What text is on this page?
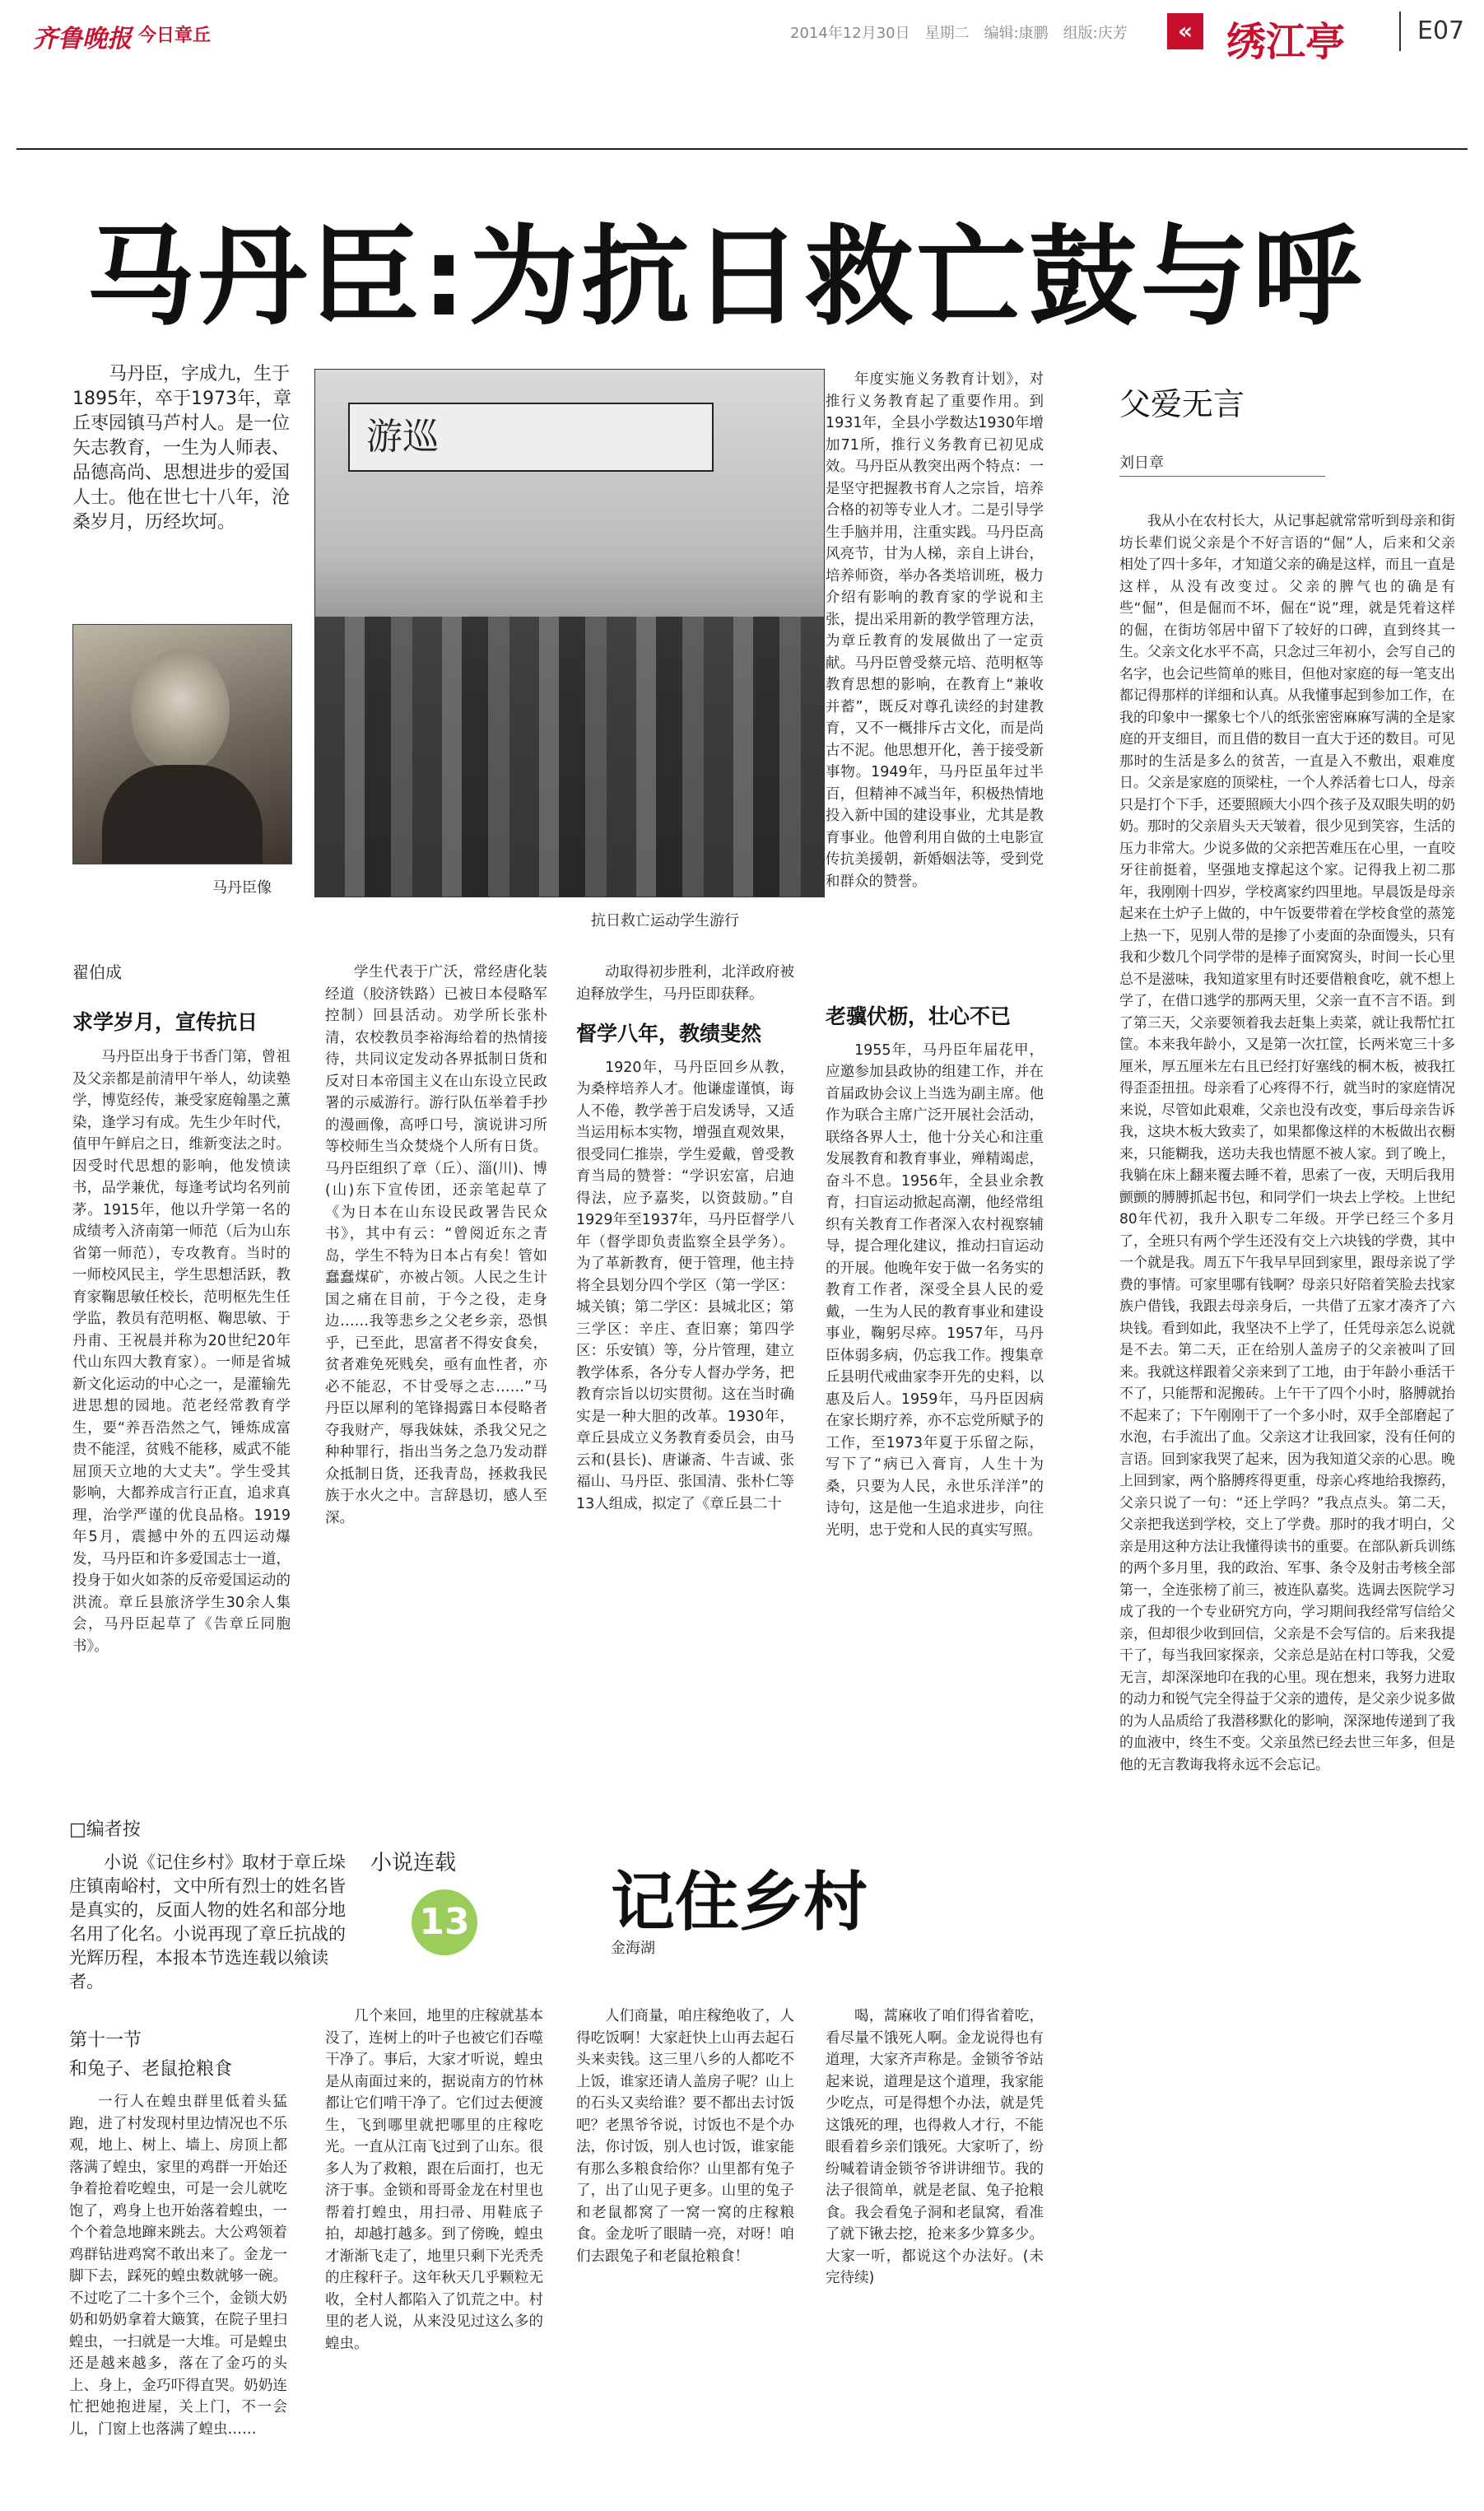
齐鲁晚报 今日章丘	2014年12月30日　星期二　编辑:康鹏　组版:庆芳	« 绣江亭	E07
马丹臣:为抗日救亡鼓与呼

马丹臣，字成九，生于1895年，卒于1973年，章丘枣园镇马芦村人。是一位矢志教育，一生为人师表、品德高尚、思想进步的爱国人士。他在世七十八年，沧桑岁月，历经坎坷。

马丹臣像
游巡
抗日救亡运动学生游行
翟伯成
求学岁月，宣传抗日

马丹臣出身于书香门第，曾祖及父亲都是前清甲午举人，幼读塾学，博览经传，兼受家庭翰墨之薰染，逢学习有成。先生少年时代，值甲午鲜启之日，维新变法之时。因受时代思想的影响，他发愤读书，品学兼优，每逢考试均名列前茅。1915年，他以升学第一名的成绩考入济南第一师范（后为山东省第一师范），专攻教育。当时的一师校风民主，学生思想活跃，教育家鞠思敏任校长，范明枢先生任学监，教员有范明枢、鞠思敏、于丹甫、王祝晨并称为20世纪20年代山东四大教育家）。一师是省城新文化运动的中心之一，是灌输先进思想的园地。范老经常教育学生，要“养吾浩然之气，锤炼成富贵不能淫，贫贱不能移，威武不能屈顶天立地的大丈夫”。学生受其影响，大都养成言行正直，追求真理，治学严谨的优良品格。1919年5月，震撼中外的五四运动爆发，马丹臣和许多爱国志士一道，投身于如火如荼的反帝爱国运动的洪流。章丘县旅济学生30余人集会，马丹臣起草了《告章丘同胞书》。

学生代表于广沃，常经唐化装经道（胶济铁路）已被日本侵略军控制）回县活动。劝学所长张朴清，农校教员李裕海给着的热情接待，共同议定发动各界抵制日货和反对日本帝国主义在山东设立民政署的示威游行。游行队伍举着手抄的漫画像，高呼口号，演说讲习所等校师生当众焚烧个人所有日货。马丹臣组织了章（丘）、淄(川)、博(山)东下宣传团，还亲笔起草了《为日本在山东设民政署告民众书》，其中有云：“曾阅近东之青岛，学生不特为日本占有矣！管如蠢蠢煤矿，亦被占领。人民之生计国之痛在目前，于今之役，走身边……我等悲乡之父老乡亲，恐惧乎，已至此，思富者不得安食矣，贫者难免死贱矣，亟有血性者，亦必不能忍，不甘受辱之志……”马丹臣以犀利的笔锋揭露日本侵略者夺我财产，辱我妹妹，杀我父兄之种种罪行，指出当务之急乃发动群众抵制日货，还我青岛，拯救我民族于水火之中。言辞恳切，感人至深。

动取得初步胜利，北洋政府被迫释放学生，马丹臣即获释。

督学八年，教绩斐然

1920年，马丹臣回乡从教，为桑梓培养人才。他谦虚谨慎，诲人不倦，教学善于启发诱导，又适当运用标本实物，增强直观效果，很受同仁推崇，学生爱戴，曾受教育当局的赞誉：“学识宏富，启迪得法，应予嘉奖，以资鼓励。”自1929年至1937年，马丹臣督学八年（督学即负责监察全县学务）。为了革新教育，便于管理，他主持将全县划分四个学区（第一学区：城关镇；第二学区：县城北区；第三学区：辛庄、查旧寨；第四学区：乐安镇）等，分片管理，建立教学体系，各分专人督办学务，把教育宗旨以切实贯彻。这在当时确实是一种大胆的改革。1930年，章丘县成立义务教育委员会，由马云和(县长)、唐谦斋、牛吉诚、张福山、马丹臣、张国清、张朴仁等13人组成，拟定了《章丘县二十

年度实施义务教育计划》，对推行义务教育起了重要作用。到1931年，全县小学数达1930年增加71所，推行义务教育已初见成效。马丹臣从教突出两个特点：一是坚守把握教书育人之宗旨，培养合格的初等专业人才。二是引导学生手脑并用，注重实践。马丹臣高风亮节，甘为人梯，亲自上讲台，培养师资，举办各类培训班，极力介绍有影响的教育家的学说和主张，提出采用新的教学管理方法，为章丘教育的发展做出了一定贡献。马丹臣曾受蔡元培、范明枢等教育思想的影响，在教育上“兼收并蓄”，既反对尊孔读经的封建教育，又不一概排斥古文化，而是尚古不泥。他思想开化，善于接受新事物。1949年，马丹臣虽年过半百，但精神不减当年，积极热情地投入新中国的建设事业，尤其是教育事业。他曾利用自做的土电影宣传抗美援朝，新婚姻法等，受到党和群众的赞誉。

老骥伏枥，壮心不已

1955年，马丹臣年届花甲，应邀参加县政协的组建工作，并在首届政协会议上当选为副主席。他作为联合主席广泛开展社会活动，联络各界人士，他十分关心和注重发展教育和教育事业，殚精竭虑，奋斗不息。1956年，全县业余教育，扫盲运动掀起高潮，他经常组织有关教育工作者深入农村视察辅导，提合理化建议，推动扫盲运动的开展。他晚年安于做一名务实的教育工作者，深受全县人民的爱戴，一生为人民的教育事业和建设事业，鞠躬尽瘁。1957年，马丹臣体弱多病，仍忘我工作。搜集章丘县明代戒曲家李开先的史料，以惠及后人。1959年，马丹臣因病在家长期疗养，亦不忘党所赋予的工作，至1973年夏于乐留之际，写下了“病已入膏肓，人生十为桑，只要为人民，永世乐洋洋”的诗句，这是他一生追求进步，向往光明，忠于党和人民的真实写照。

父爱无言
刘日章

我从小在农村长大，从记事起就常常听到母亲和街坊长辈们说父亲是个不好言语的“倔”人，后来和父亲相处了四十多年，才知道父亲的确是这样，而且一直是这样，从没有改变过。父亲的脾气也的确是有些“倔”，但是倔而不坏，倔在“说”理，就是凭着这样的倔，在街坊邻居中留下了较好的口碑，直到终其一生。父亲文化水平不高，只念过三年初小，会写自己的名字，也会记些简单的账目，但他对家庭的每一笔支出都记得那样的详细和认真。从我懂事起到参加工作，在我的印象中一摞象七个八的纸张密密麻麻写满的全是家庭的开支细目，而且借的数目一直大于还的数目。可见那时的生活是多么的贫苦，一直是入不敷出，艰难度日。父亲是家庭的顶梁柱，一个人养活着七口人，母亲只是打个下手，还要照顾大小四个孩子及双眼失明的奶奶。那时的父亲眉头天天皱着，很少见到笑容，生活的压力非常大。少说多做的父亲把苦难压在心里，一直咬牙往前挺着，坚强地支撑起这个家。记得我上初二那年，我刚刚十四岁，学校离家约四里地。早晨饭是母亲起来在土炉子上做的，中午饭要带着在学校食堂的蒸笼上热一下，见别人带的是掺了小麦面的杂面馒头，只有我和少数几个同学带的是棒子面窝窝头，时间一长心里总不是滋味，我知道家里有时还要借粮食吃，就不想上学了，在借口逃学的那两天里，父亲一直不言不语。到了第三天，父亲要领着我去赶集上卖菜，就让我帮忙扛筐。本来我年龄小，又是第一次扛筐，长两米宽三十多厘米，厚五厘米左右且已经打好塞线的桐木板，被我扛得歪歪扭扭。母亲看了心疼得不行，就当时的家庭情况来说，尽管如此艰难，父亲也没有改变，事后母亲告诉我，这块木板大致卖了，如果都像这样的木板做出衣橱来，只能糊我，送功夫我也情愿不被人家。到了晚上，我躺在床上翻来覆去睡不着，思索了一夜，天明后我用颤颤的膊膊抓起书包，和同学们一块去上学校。上世纪80年代初，我升入职专二年级。开学已经三个多月了，全班只有两个学生还没有交上六块钱的学费，其中一个就是我。周五下午我早早回到家里，跟母亲说了学费的事情。可家里哪有钱啊？母亲只好陪着笑脸去找家族户借钱，我跟去母亲身后，一共借了五家才凑齐了六块钱。看到如此，我坚决不上学了，任凭母亲怎么说就是不去。第二天，正在给别人盖房子的父亲被叫了回来。我就这样跟着父亲来到了工地，由于年龄小垂活干不了，只能帮和泥搬砖。上午干了四个小时，胳膊就抬不起来了；下午刚刚干了一个多小时，双手全部磨起了水泡，右手流出了血。父亲这才让我回家，没有任何的言语。回到家我哭了起来，因为我知道父亲的心思。晚上回到家，两个胳膊疼得更重，母亲心疼地给我擦药，父亲只说了一句：“还上学吗？”我点点头。第二天，父亲把我送到学校，交上了学费。那时的我才明白，父亲是用这种方法让我懂得读书的重要。在部队新兵训练的两个多月里，我的政治、军事、条令及射击考核全部第一，全连张榜了前三，被连队嘉奖。选调去医院学习成了我的一个专业研究方向，学习期间我经常写信给父亲，但却很少收到回信，父亲是不会写信的。后来我提干了，每当我回家探亲，父亲总是站在村口等我，父爱无言，却深深地印在我的心里。现在想来，我努力进取的动力和锐气完全得益于父亲的遗传，是父亲少说多做的为人品质给了我潜移默化的影响，深深地传递到了我的血液中，终生不变。父亲虽然已经去世三年多，但是他的无言教诲我将永远不会忘记。

□编者按

小说《记住乡村》取材于章丘垛庄镇南峪村，文中所有烈士的姓名皆是真实的，反面人物的姓名和部分地名用了化名。小说再现了章丘抗战的光辉历程，本报本节选连载以飨读者。

小说连载
13 记住乡村
金海湖
第十一节
和兔子、老鼠抢粮食

一行人在蝗虫群里低着头猛跑，进了村发现村里边情况也不乐观，地上、树上、墙上、房顶上都落满了蝗虫，家里的鸡群一开始还争着抢着吃蝗虫，可是一会儿就吃饱了，鸡身上也开始落着蝗虫，一个个着急地蹿来跳去。大公鸡领着鸡群钻进鸡窝不敢出来了。金龙一脚下去，踩死的蝗虫数就够一碗。不过吃了二十多个三个，金锁大奶奶和奶奶拿着大簸箕，在院子里扫蝗虫，一扫就是一大堆。可是蝗虫还是越来越多，落在了金巧的头上、身上，金巧吓得直哭。奶奶连忙把她抱进屋，关上门，不一会儿，门窗上也落满了蝗虫……

几个来回，地里的庄稼就基本没了，连树上的叶子也被它们吞噬干净了。事后，大家才听说，蝗虫是从南面过来的，据说南方的竹林都让它们啃干净了。它们过去便渡生，飞到哪里就把哪里的庄稼吃光。一直从江南飞过到了山东。很多人为了救粮，跟在后面打，也无济于事。金锁和哥哥金龙在村里也帮着打蝗虫，用扫帚、用鞋底子拍，却越打越多。到了傍晚，蝗虫才渐渐飞走了，地里只剩下光秃秃的庄稼秆子。这年秋天几乎颗粒无收，全村人都陷入了饥荒之中。村里的老人说，从来没见过这么多的蝗虫。

人们商量，咱庄稼绝收了，人得吃饭啊！大家赶快上山再去起石头来卖钱。这三里八乡的人都吃不上饭，谁家还请人盖房子呢？山上的石头又卖给谁？要不都出去讨饭吧？老黑爷爷说，讨饭也不是个办法，你讨饭，别人也讨饭，谁家能有那么多粮食给你？山里都有兔子了，出了山见子更多。山里的兔子和老鼠都窝了一窝一窝的庄稼粮食。金龙听了眼睛一亮，对呀！咱们去跟兔子和老鼠抢粮食！

喝，蒿麻收了咱们得省着吃，看尽量不饿死人啊。金龙说得也有道理，大家齐声称是。金锁爷爷站起来说，道理是这个道理，我家能少吃点，可是得想个办法，就是凭这饿死的理，也得救人才行，不能眼看着乡亲们饿死。大家听了，纷纷喊着请金锁爷爷讲讲细节。我的法子很简单，就是老鼠、兔子抢粮食。我会看兔子洞和老鼠窝，看准了就下锹去挖，抢来多少算多少。大家一听，都说这个办法好。(未完待续)
